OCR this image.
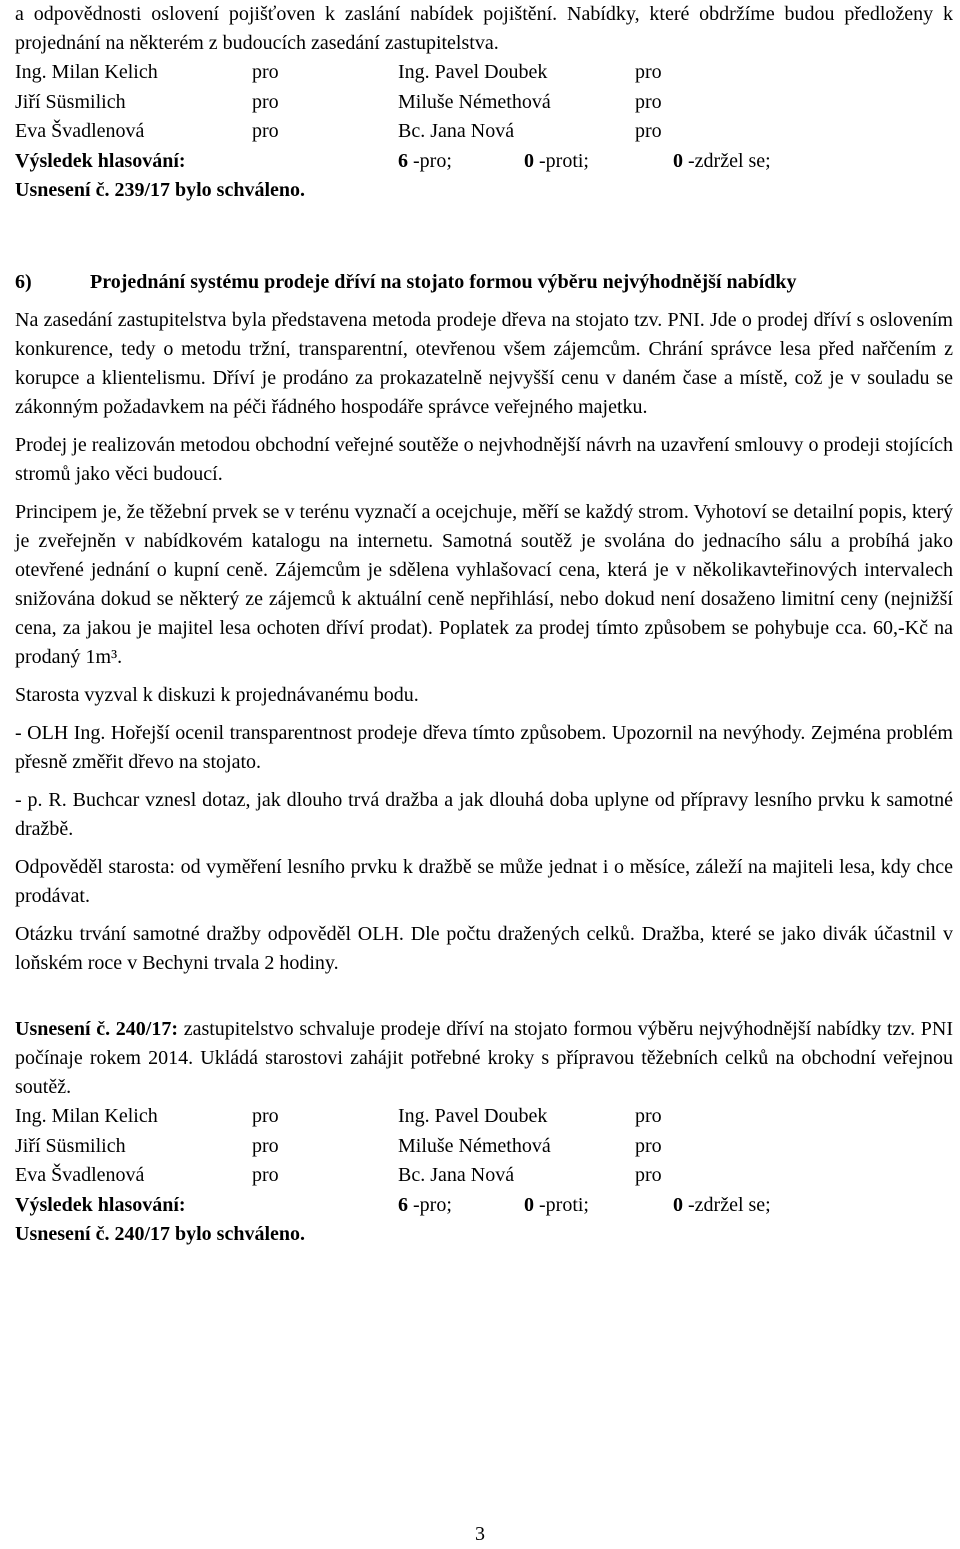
a odpovědnosti oslovení pojišťoven k zaslání nabídek pojištění. Nabídky, které obdržíme budou předloženy k projednání na některém z budoucích zasedání zastupitelstva.

Ing. Milan Kelich	pro	Ing. Pavel Doubek	pro
Jiří Süsmilich	pro	Miluše Némethová	pro
Eva Švadlenová	pro	Bc. Jana Nová	pro
Výsledek hlasování:	6 -pro;	0 -proti;	0 -zdržel se;

Usnesení č. 239/17 bylo schváleno.

6)	Projednání systému prodeje dříví na stojato formou výběru nejvýhodnější nabídky

Na zasedání zastupitelstva byla představena metoda prodeje dřeva na stojato tzv. PNI. Jde o prodej dříví s oslovením konkurence, tedy o metodu tržní, transparentní, otevřenou všem zájemcům. Chrání správce lesa před nařčením z korupce a klientelismu. Dříví je prodáno za prokazatelně nejvyšší cenu v daném čase a místě, což je v souladu se zákonným požadavkem na péči řádného hospodáře správce veřejného majetku.

Prodej je realizován metodou obchodní veřejné soutěže o nejvhodnější návrh na uzavření smlouvy o prodeji stojících stromů jako věci budoucí.

Principem je, že těžební prvek se v terénu vyznačí a ocejchuje, měří se každý strom. Vyhotoví se detailní popis, který je zveřejněn v nabídkovém katalogu na internetu. Samotná soutěž je svolána do jednacího sálu a probíhá jako otevřené jednání o kupní ceně. Zájemcům je sdělena vyhlašovací cena, která je v několikavteřinových intervalech snižována dokud se některý ze zájemců k aktuální ceně nepřihlásí, nebo dokud není dosaženo limitní ceny (nejnižší cena, za jakou je majitel lesa ochoten dříví prodat). Poplatek za prodej tímto způsobem se pohybuje cca. 60,-Kč na prodaný 1m³.

Starosta vyzval k diskuzi k projednávanému bodu.

- OLH Ing. Hořejší ocenil transparentnost prodeje dřeva tímto způsobem. Upozornil na nevýhody. Zejména problém přesně změřit dřevo na stojato.

- p. R. Buchcar vznesl dotaz, jak dlouho trvá dražba a jak dlouhá doba uplyne od přípravy lesního prvku k samotné dražbě.

Odpověděl starosta: od vyměření lesního prvku k dražbě se může jednat i o měsíce, záleží na majiteli lesa, kdy chce prodávat.

Otázku trvání samotné dražby odpověděl OLH. Dle počtu dražených celků. Dražba, které se jako divák účastnil v loňském roce v Bechyni trvala 2 hodiny.

Usnesení č. 240/17: zastupitelstvo schvaluje prodeje dříví na stojato formou výběru nejvýhodnější nabídky tzv. PNI počínaje rokem 2014. Ukládá starostovi zahájit potřebné kroky s přípravou těžebních celků na obchodní veřejnou soutěž.

Ing. Milan Kelich	pro	Ing. Pavel Doubek	pro
Jiří Süsmilich	pro	Miluše Némethová	pro
Eva Švadlenová	pro	Bc. Jana Nová	pro
Výsledek hlasování:	6 -pro;	0 -proti;	0 -zdržel se;

Usnesení č. 240/17 bylo schváleno.

3
